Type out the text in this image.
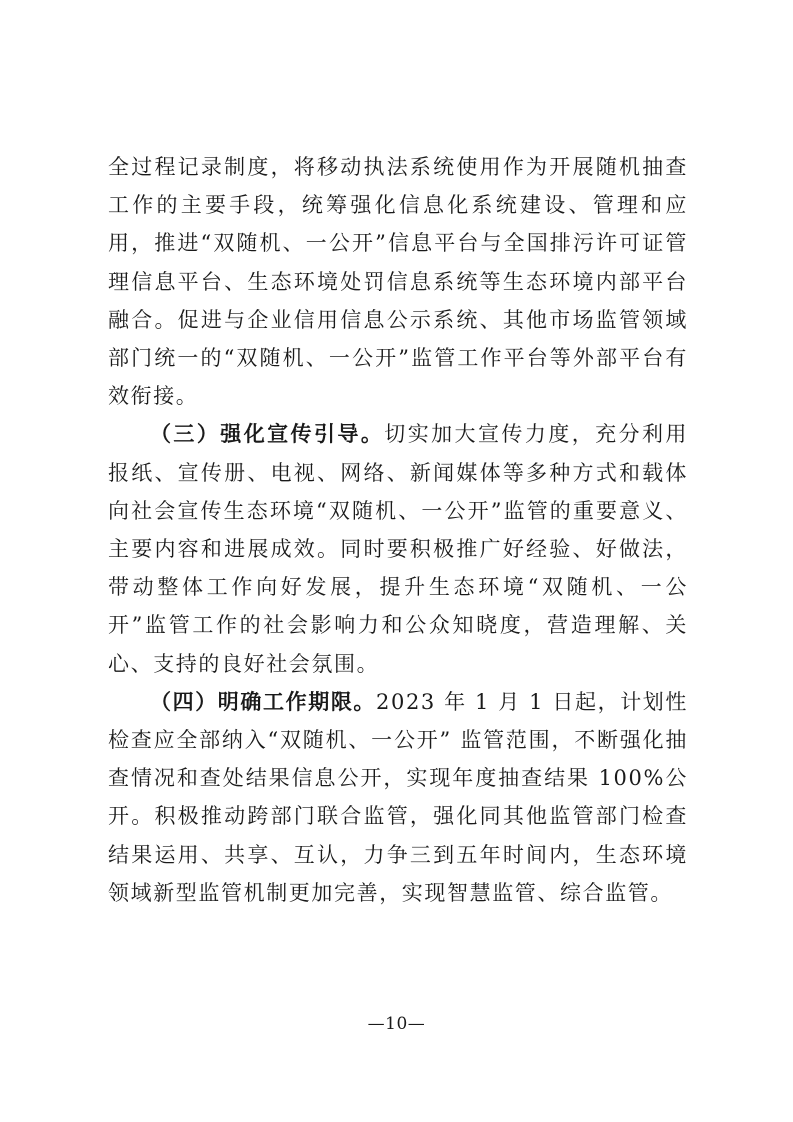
全过程记录制度，将移动执法系统使用作为开展随机抽查工作的主要手段，统筹强化信息化系统建设、管理和应用，推进“双随机、一公开”信息平台与全国排污许可证管理信息平台、生态环境处罚信息系统等生态环境内部平台融合。促进与企业信用信息公示系统、其他市场监管领域部门统一的“双随机、一公开”监管工作平台等外部平台有效衔接。

（三）强化宣传引导。切实加大宣传力度，充分利用报纸、宣传册、电视、网络、新闻媒体等多种方式和载体向社会宣传生态环境“双随机、一公开”监管的重要意义、主要内容和进展成效。同时要积极推广好经验、好做法，带动整体工作向好发展，提升生态环境“双随机、一公开”监管工作的社会影响力和公众知晓度，营造理解、关心、支持的良好社会氛围。

（四）明确工作期限。2023 年 1 月 1 日起，计划性检查应全部纳入“双随机、一公开” 监管范围，不断强化抽查情况和查处结果信息公开，实现年度抽查结果 100%公开。积极推动跨部门联合监管，强化同其他监管部门检查结果运用、共享、互认，力争三到五年时间内，生态环境领域新型监管机制更加完善，实现智慧监管、综合监管。

—10—
